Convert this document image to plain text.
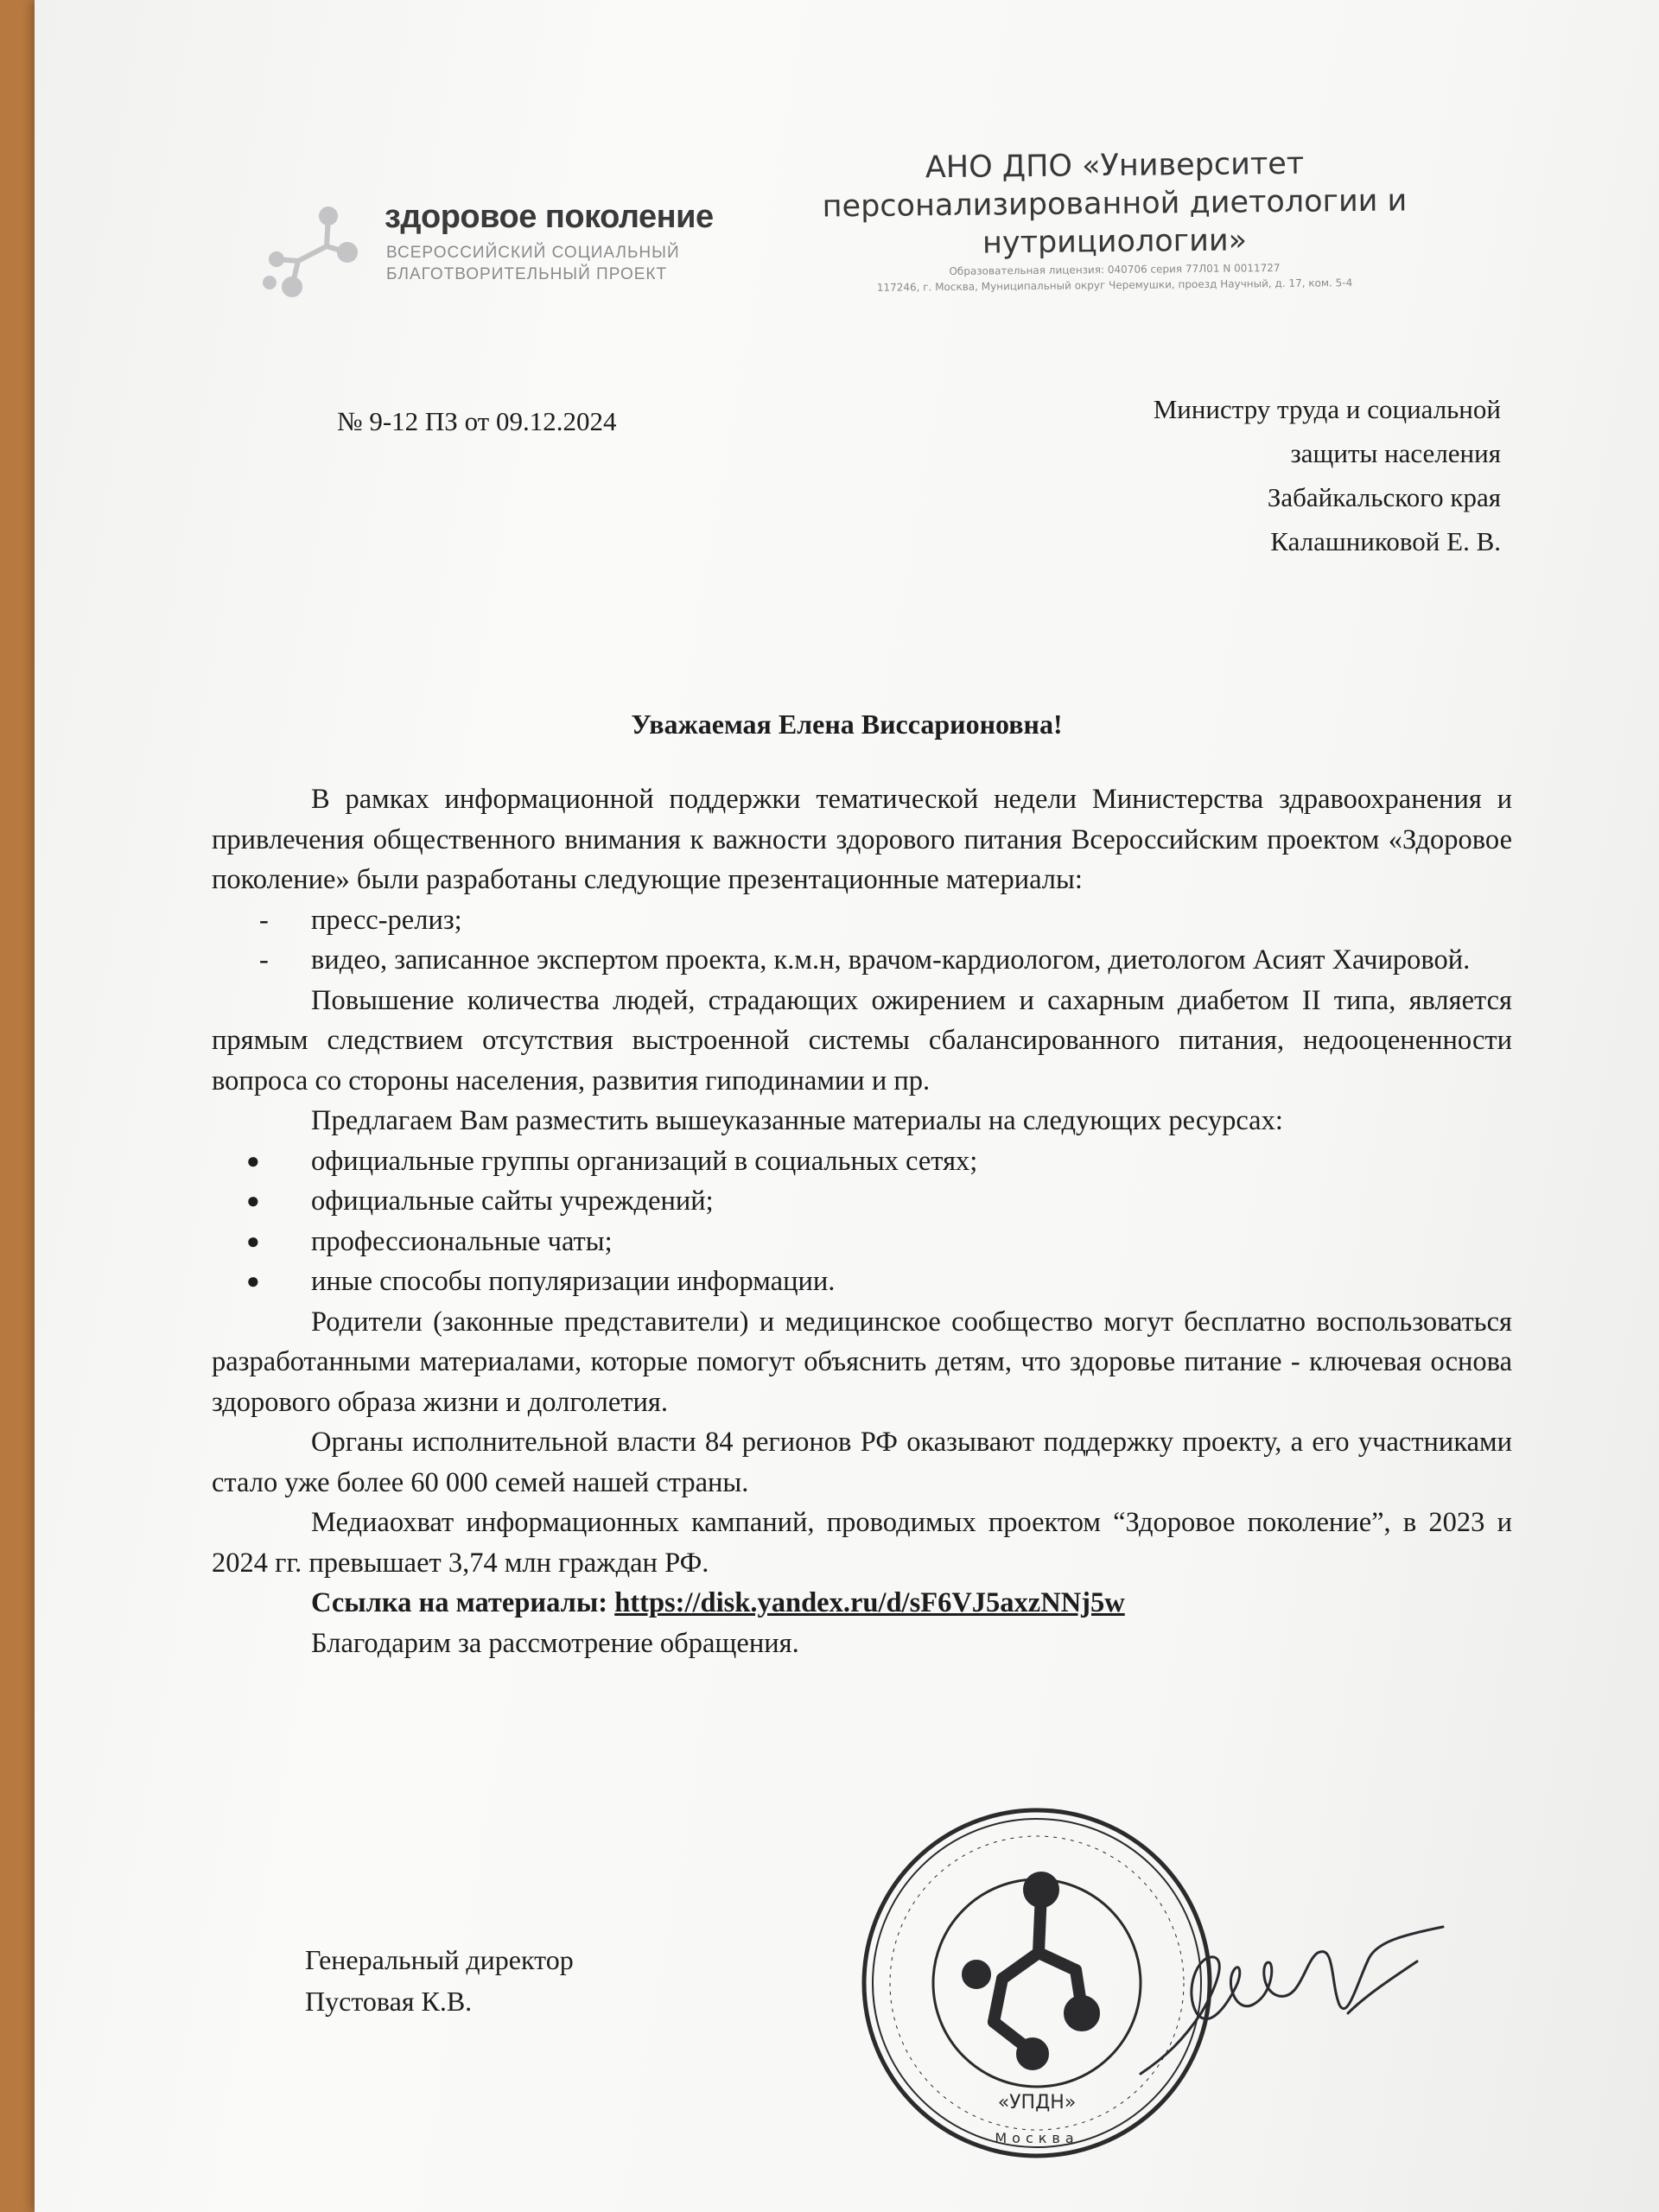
здоровое поколение
ВСЕРОССИЙСКИЙ СОЦИАЛЬНЫЙ
БЛАГОТВОРИТЕЛЬНЫЙ ПРОЕКТ
АНО ДПО «Университет
персонализированной диетологии и
нутрициологии»
Образовательная лицензия: 040706 серия 77Л01 N 0011727
117246, г. Москва, Муниципальный округ Черемушки, проезд Научный, д. 17, ком. 5-4
№ 9-12 ПЗ от 09.12.2024	Министру труда и социальной
защиты населения
Забайкальского края
Калашниковой Е. В.
Уважаемая Елена Виссарионовна!

В рамках информационной поддержки тематической недели Министерства здравоохранения и привлечения общественного внимания к важности здорового питания Всероссийским проектом «Здоровое поколение» были разработаны следующие презентационные материалы:

- пресс-релиз;

- видео, записанное экспертом проекта, к.м.н, врачом-кардиологом, диетологом Асият Хачировой.

Повышение количества людей, страдающих ожирением и сахарным диабетом II типа, является прямым следствием отсутствия выстроенной системы сбалансированного питания, недооцененности вопроса со стороны населения, развития гиподинамии и пр.

Предлагаем Вам разместить вышеуказанные материалы на следующих ресурсах:

● официальные группы организаций в социальных сетях;

● официальные сайты учреждений;

● профессиональные чаты;

● иные способы популяризации информации.

Родители (законные представители) и медицинское сообщество могут бесплатно воспользоваться разработанными материалами, которые помогут объяснить детям, что здоровье питание - ключевая основа здорового образа жизни и долголетия.

Органы исполнительной власти 84 регионов РФ оказывают поддержку проекту, а его участниками стало уже более 60 000 семей нашей страны.

Медиаохват информационных кампаний, проводимых проектом “Здоровое поколение”, в 2023 и 2024 гг. превышает 3,74 млн граждан РФ.

Ссылка на материалы: https://disk.yandex.ru/d/sF6VJ5axzNNj5w

Благодарим за рассмотрение обращения.

Генеральный директор
Пустовая К.В.
«УПДН»
Москва
